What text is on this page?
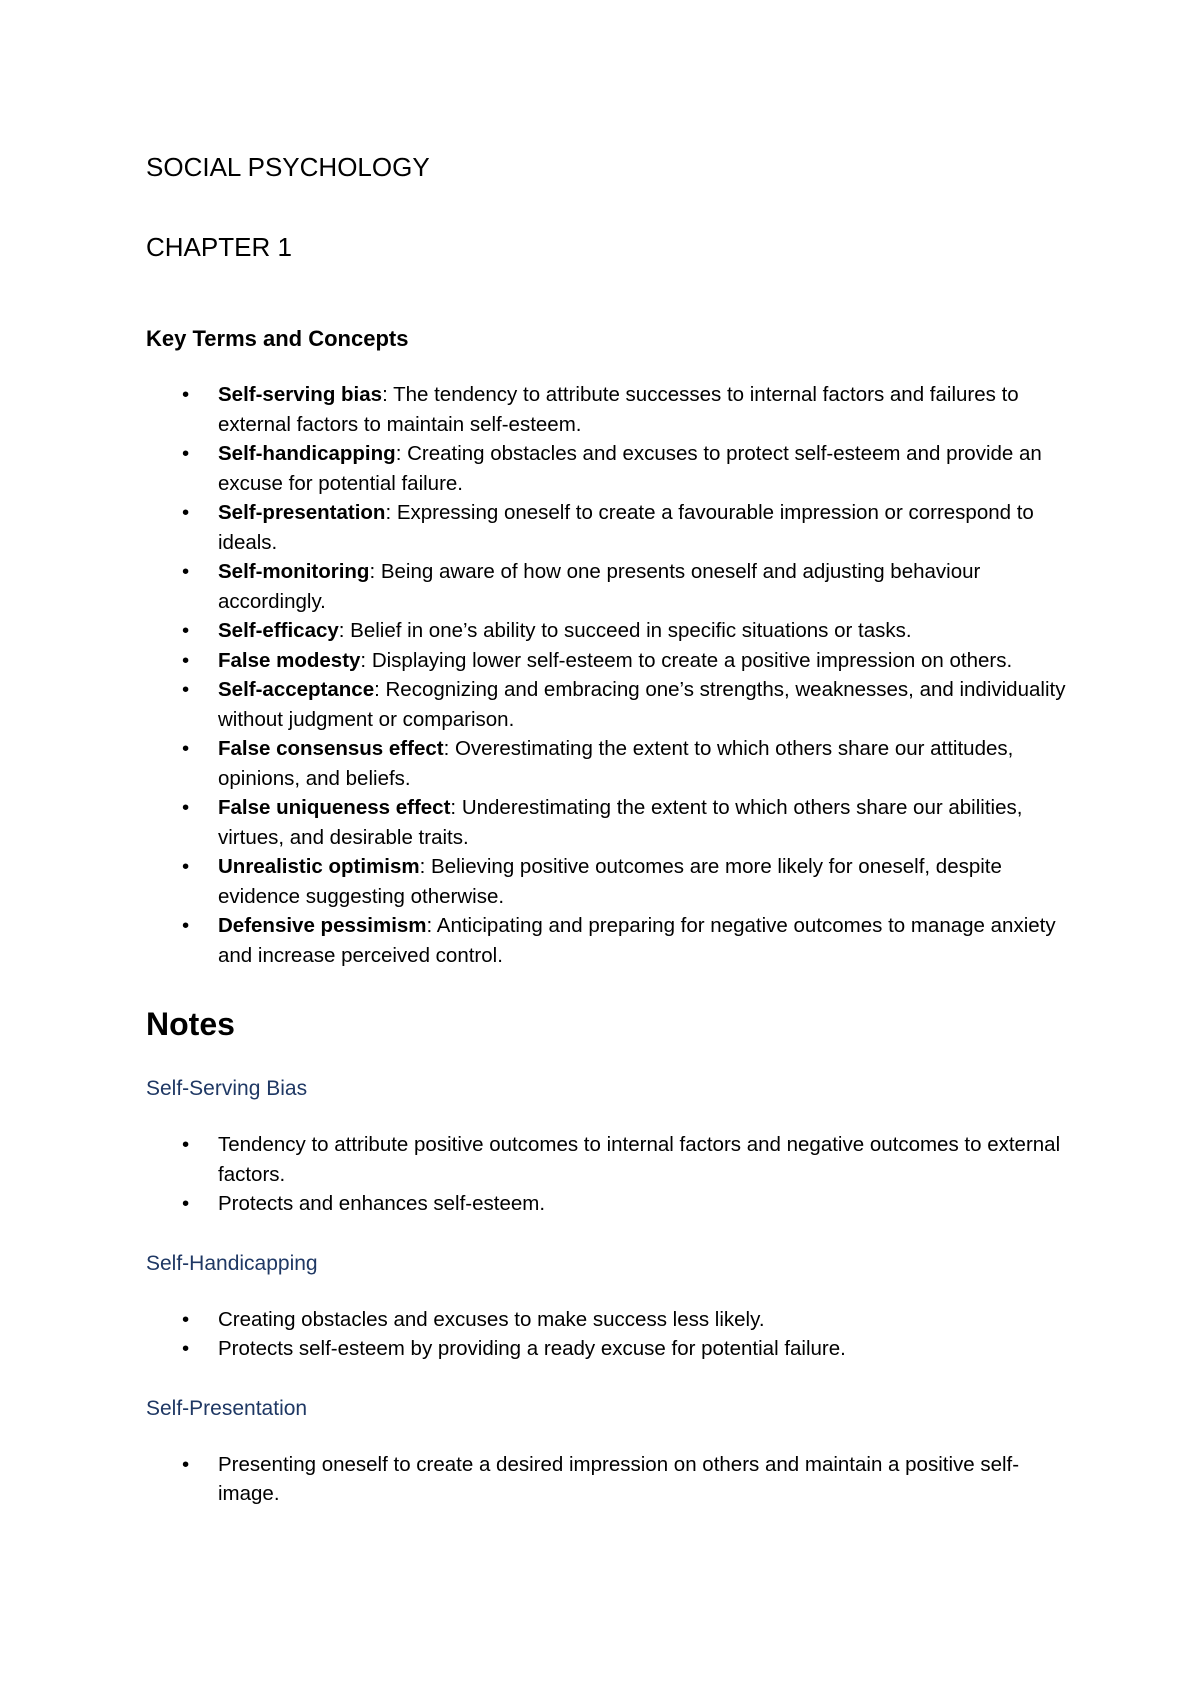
SOCIAL PSYCHOLOGY
CHAPTER 1
Key Terms and Concepts
• Self-serving bias: The tendency to attribute successes to internal factors and failures to external factors to maintain self-esteem.
• Self-handicapping: Creating obstacles and excuses to protect self-esteem and provide an excuse for potential failure.
• Self-presentation: Expressing oneself to create a favourable impression or correspond to ideals.
• Self-monitoring: Being aware of how one presents oneself and adjusting behaviour accordingly.
• Self-efficacy: Belief in one’s ability to succeed in specific situations or tasks.
• False modesty: Displaying lower self-esteem to create a positive impression on others.
• Self-acceptance: Recognizing and embracing one’s strengths, weaknesses, and individuality without judgment or comparison.
• False consensus effect: Overestimating the extent to which others share our attitudes, opinions, and beliefs.
• False uniqueness effect: Underestimating the extent to which others share our abilities, virtues, and desirable traits.
• Unrealistic optimism: Believing positive outcomes are more likely for oneself, despite evidence suggesting otherwise.
• Defensive pessimism: Anticipating and preparing for negative outcomes to manage anxiety and increase perceived control.
Notes
Self-Serving Bias
• Tendency to attribute positive outcomes to internal factors and negative outcomes to external factors.
• Protects and enhances self-esteem.
Self-Handicapping
• Creating obstacles and excuses to make success less likely.
• Protects self-esteem by providing a ready excuse for potential failure.
Self-Presentation
• Presenting oneself to create a desired impression on others and maintain a positive self-image.
